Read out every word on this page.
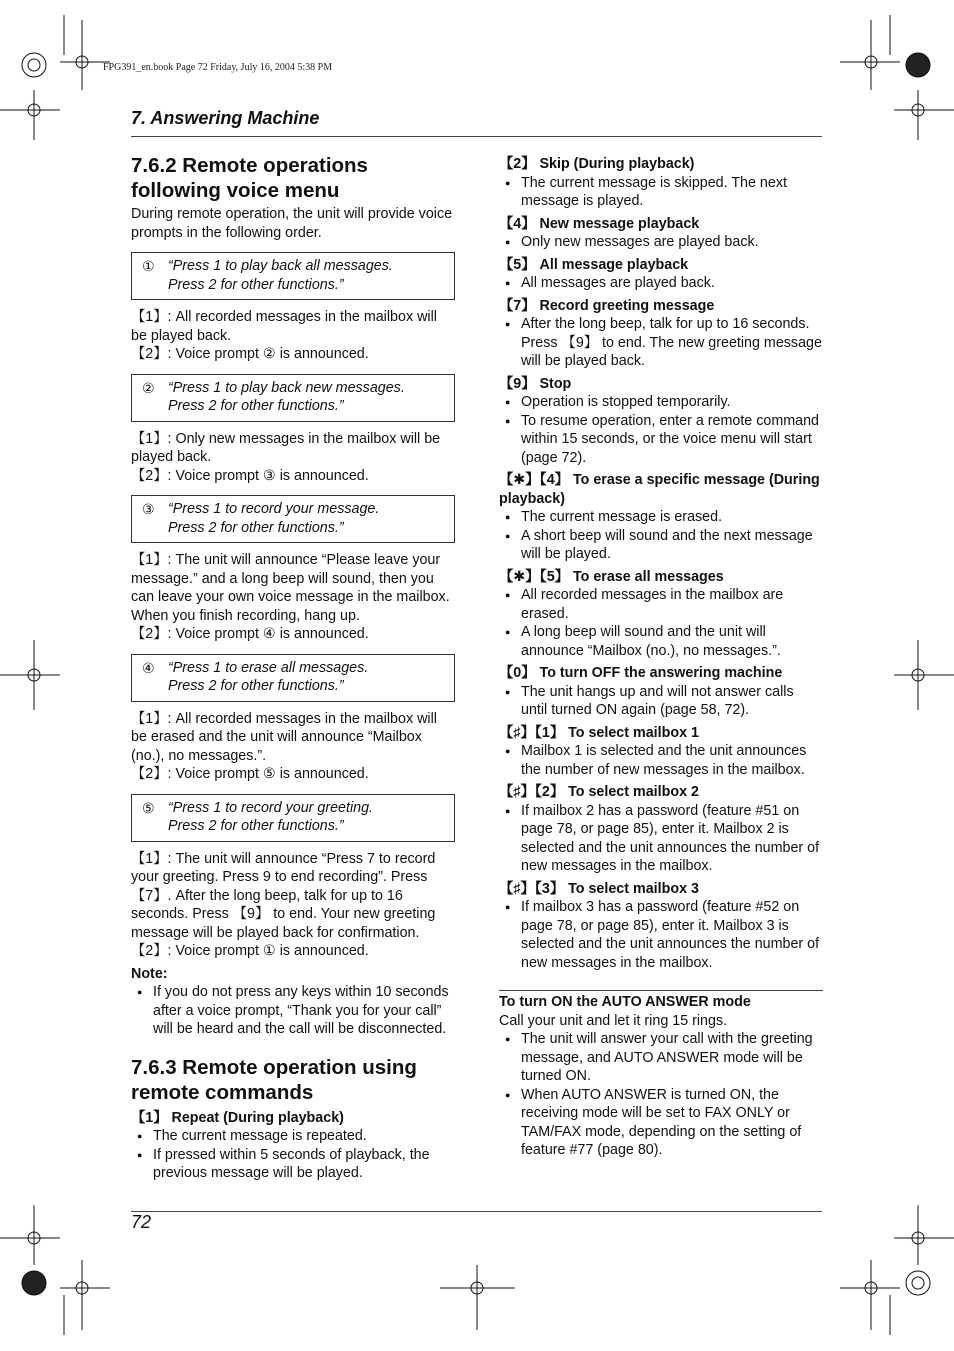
FPG391_en.book Page 72 Friday, July 16, 2004 5:38 PM
7. Answering Machine
7.6.2 Remote operations following voice menu

During remote operation, the unit will provide voice prompts in the following order.

① “Press 1 to play back all messages.
Press 2 for other functions.”

【1】: All recorded messages in the mailbox will be played back.

【2】: Voice prompt ② is announced.

② “Press 1 to play back new messages.
Press 2 for other functions.”

【1】: Only new messages in the mailbox will be played back.

【2】: Voice prompt ③ is announced.

③ “Press 1 to record your message.
Press 2 for other functions.”

【1】: The unit will announce “Please leave your message.” and a long beep will sound, then you can leave your own voice message in the mailbox. When you finish recording, hang up.

【2】: Voice prompt ④ is announced.

④ “Press 1 to erase all messages.
Press 2 for other functions.”

【1】: All recorded messages in the mailbox will be erased and the unit will announce “Mailbox (no.), no messages.”.

【2】: Voice prompt ⑤ is announced.

⑤ “Press 1 to record your greeting.
Press 2 for other functions.”

【1】: The unit will announce “Press 7 to record your greeting. Press 9 to end recording”. Press 【7】. After the long beep, talk for up to 16 seconds. Press 【9】 to end. Your new greeting message will be played back for confirmation.

【2】: Voice prompt ① is announced.

Note:
● If you do not press any keys within 10 seconds after a voice prompt, “Thank you for your call” will be heard and the call will be disconnected.
7.6.3 Remote operation using remote commands
【1】 Repeat (During playback)
● The current message is repeated.
● If pressed within 5 seconds of playback, the previous message will be played.
【2】 Skip (During playback)
● The current message is skipped. The next message is played.
【4】 New message playback
● Only new messages are played back.
【5】 All message playback
● All messages are played back.
【7】 Record greeting message
● After the long beep, talk for up to 16 seconds. Press 【9】 to end. The new greeting message will be played back.
【9】 Stop
● Operation is stopped temporarily.
● To resume operation, enter a remote command within 15 seconds, or the voice menu will start (page 72).
【✱】【4】 To erase a specific message (During playback)
● The current message is erased.
● A short beep will sound and the next message will be played.
【✱】【5】 To erase all messages
● All recorded messages in the mailbox are erased.
● A long beep will sound and the unit will announce “Mailbox (no.), no messages.”.
【0】 To turn OFF the answering machine
● The unit hangs up and will not answer calls until turned ON again (page 58, 72).
【♯】【1】 To select mailbox 1
● Mailbox 1 is selected and the unit announces the number of new messages in the mailbox.
【♯】【2】 To select mailbox 2
● If mailbox 2 has a password (feature #51 on page 78, or page 85), enter it. Mailbox 2 is selected and the unit announces the number of new messages in the mailbox.
【♯】【3】 To select mailbox 3
● If mailbox 3 has a password (feature #52 on page 78, or page 85), enter it. Mailbox 3 is selected and the unit announces the number of new messages in the mailbox.
To turn ON the AUTO ANSWER mode

Call your unit and let it ring 15 rings.

● The unit will answer your call with the greeting message, and AUTO ANSWER mode will be turned ON.
● When AUTO ANSWER is turned ON, the receiving mode will be set to FAX ONLY or TAM/FAX mode, depending on the setting of feature #77 (page 80).
72
